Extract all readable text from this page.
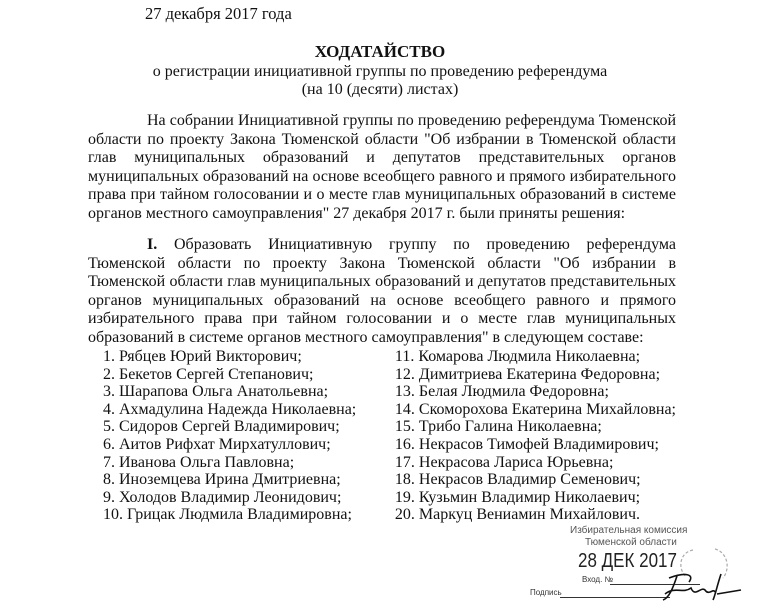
27 декабря 2017 года
ХОДАТАЙСТВО
о регистрации инициативной группы по проведению референдума
(на 10 (десяти) листах)

На собрании Инициативной группы по проведению референдума Тюменской области по проекту Закона Тюменской области "Об избрании в Тюменской области глав муниципальных образований и депутатов представительных органов муниципальных образований на основе всеобщего равного и прямого избирательного права при тайном голосовании и о месте глав муниципальных образований в системе органов местного самоуправления" 27 декабря 2017 г. были приняты решения:

I. Образовать Инициативную группу по проведению референдума Тюменской области по проекту Закона Тюменской области "Об избрании в Тюменской области глав муниципальных образований и депутатов представительных органов муниципальных образований на основе всеобщего равного и прямого избирательного права при тайном голосовании и о месте глав муниципальных образований в системе органов местного самоуправления" в следующем составе:

1. Рябцев Юрий Викторович;
2. Бекетов Сергей Степанович;
3. Шарапова Ольга Анатольевна;
4. Ахмадулина Надежда Николаевна;
5. Сидоров Сергей Владимирович;
6. Аитов Рифхат Мирхатуллович;
7. Иванова Ольга Павловна;
8. Иноземцева Ирина Дмитриевна;
9. Холодов Владимир Леонидович;
10. Грицак Людмила Владимировна;
11. Комарова Людмила Николаевна;
12. Димитриева Екатерина Федоровна;
13. Белая Людмила Федоровна;
14. Скоморохова Екатерина Михайловна;
15. Трибо Галина Николаевна;
16. Некрасов Тимофей Владимирович;
17. Некрасова Лариса Юрьевна;
18. Некрасов Владимир Семенович;
19. Кузьмин Владимир Николаевич;
20. Маркуц Вениамин Михайлович.
Избирательная комиссия
Тюменской области
28 ДЕК 2017
Вход. №
Подпись
